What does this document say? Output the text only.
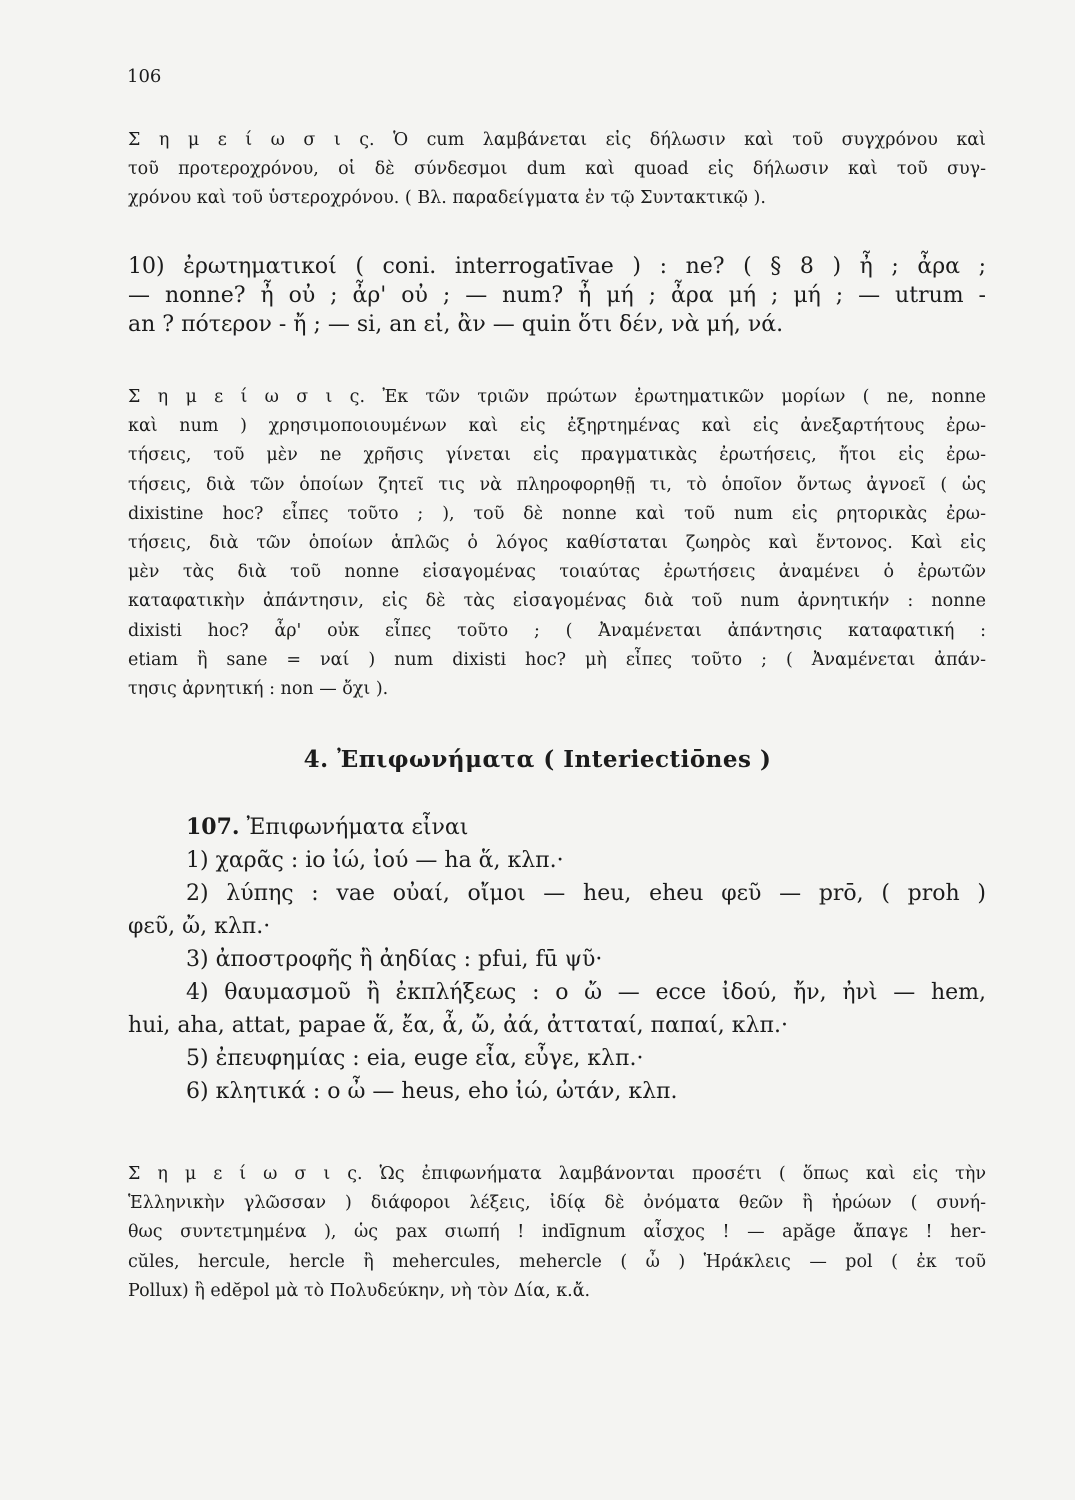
106
Σ η μ ε ί ω σ ι ς. Ὁ cum λαμβάνεται εἰς δήλωσιν καὶ τοῦ συγχρόνου καὶ
τοῦ προτεροχρόνου, οἱ δὲ σύνδεσμοι dum καὶ quoad εἰς δήλωσιν καὶ τοῦ συγ-
χρόνου καὶ τοῦ ὑστεροχρόνου. ( Βλ. παραδείγματα ἐν τῷ Συντακτικῷ ).
10) ἐρωτηματικοί ( coni. interrogatīvae ) : ne? ( § 8 ) ἦ ; ἆρα ;
— nonne? ἦ οὐ ; ἆρ' οὐ ; — num? ἦ μή ; ἆρα μή ; μή ; — utrum -
an ? πότερον - ἤ ; — si, an εἰ, ἂν — quin ὅτι δέν, νὰ μή, νά.
Σ η μ ε ί ω σ ι ς. Ἐκ τῶν τριῶν πρώτων ἐρωτηματικῶν μορίων ( ne, nonne
καὶ num ) χρησιμοποιουμένων καὶ εἰς ἐξηρτημένας καὶ εἰς ἀνεξαρτήτους ἐρω-
τήσεις, τοῦ μὲν ne χρῆσις γίνεται εἰς πραγματικὰς ἐρωτήσεις, ἤτοι εἰς ἐρω-
τήσεις, διὰ τῶν ὁποίων ζητεῖ τις νὰ πληροφορηθῇ τι, τὸ ὁποῖον ὄντως ἀγνοεῖ ( ὡς
dixistine hoc? εἶπες τοῦτο ; ), τοῦ δὲ nonne καὶ τοῦ num εἰς ρητορικὰς ἐρω-
τήσεις, διὰ τῶν ὁποίων ἁπλῶς ὁ λόγος καθίσταται ζωηρὸς καὶ ἔντονος. Καὶ εἰς
μὲν τὰς διὰ τοῦ nonne εἰσαγομένας τοιαύτας ἐρωτήσεις ἀναμένει ὁ ἐρωτῶν
καταφατικὴν ἀπάντησιν, εἰς δὲ τὰς εἰσαγομένας διὰ τοῦ num ἀρνητικήν : nonne
dixisti hoc? ἆρ' οὐκ εἶπες τοῦτο ; ( Ἀναμένεται ἀπάντησις καταφατική :
etiam ἢ sane = ναί ) num dixisti hoc? μὴ εἶπες τοῦτο ; ( Ἀναμένεται ἀπάν-
τησις ἀρνητική : non — ὄχι ).
4. Ἐπιφωνήματα ( Interiectiōnes )
107. Ἐπιφωνήματα εἶναι
1) χαρᾶς : io ἰώ, ἰού — ha ἅ, κλπ.·
2) λύπης : vae οὐαί, οἴμοι — heu, eheu φεῦ — prō, ( proh )
φεῦ, ὤ, κλπ.·
3) ἀποστροφῆς ἢ ἀηδίας : pfui, fū ψῦ·
4) θαυμασμοῦ ἢ ἐκπλήξεως : o ὤ — ecce ἰδού, ἤν, ἠνὶ — hem,
hui, aha, attat, papae ἅ, ἔα, ἆ, ὤ, ἀά, ἀτταταί, παπαί, κλπ.·
5) ἐπευφημίας : eia, euge εἶα, εὖγε, κλπ.·
6) κλητικά : o ὦ — heus, eho ἰώ, ὠτάν, κλπ.
Σ η μ ε ί ω σ ι ς. Ὡς ἐπιφωνήματα λαμβάνονται προσέτι ( ὅπως καὶ εἰς τὴν
Ἑλληνικὴν γλῶσσαν ) διάφοροι λέξεις, ἰδίᾳ δὲ ὀνόματα θεῶν ἢ ἡρώων ( συνή-
θως συντετμημένα ), ὡς pax σιωπή ! indīgnum αἶσχος ! — apăge ἄπαγε ! her-
cŭles, hercule, hercle ἢ mehercules, mehercle ( ὦ ) Ἡράκλεις — pol ( ἐκ τοῦ
Pollux) ἢ edĕpol μὰ τὸ Πολυδεύκην, νὴ τὸν Δία, κ.ἄ.
